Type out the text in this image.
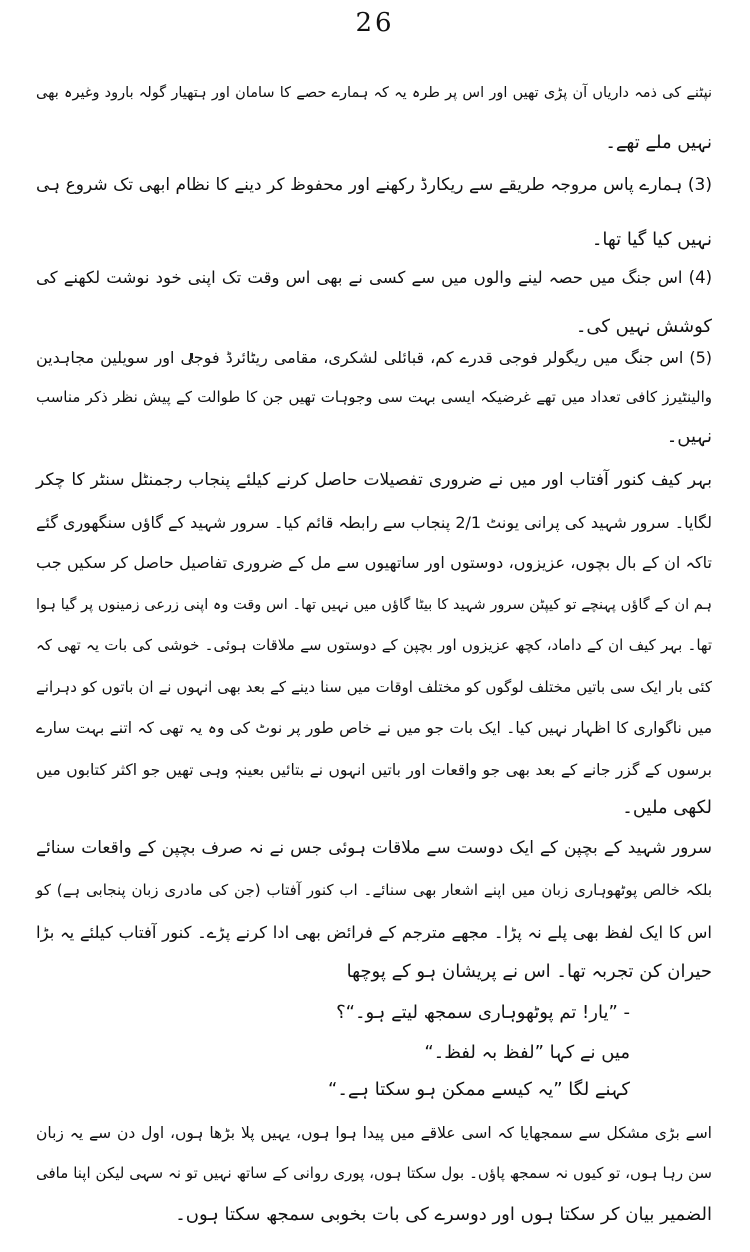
26
نپٹنے کی ذمہ داریاں آن پڑی تھیں اور اس پر طرہ یہ کہ ہمارے حصے کا سامان اور ہتھیار گولہ بارود وغیرہ بھی
نہیں ملے تھے۔
(3) ہمارے پاس مروجہ طریقے سے ریکارڈ رکھنے اور محفوظ کر دینے کا نظام ابھی تک شروع ہی
نہیں کیا گیا تھا۔
(4) اس جنگ میں حصہ لینے والوں میں سے کسی نے بھی اس وقت تک اپنی خود نوشت لکھنے کی
کوشش نہیں کی۔
(5) اس جنگ میں ریگولر فوجی قدرے کم، قبائلی لشکری، مقامی ریٹائرڈ فوجی اور سویلین مجاہدین
والینٹیرز کافی تعداد میں تھے غرضیکہ ایسی بہت سی وجوہات تھیں جن کا طوالت کے پیش نظر ذکر مناسب
نہیں۔
بہر کیف کنور آفتاب اور میں نے ضروری تفصیلات حاصل کرنے کیلئے پنجاب رجمنٹل سنٹر کا چکر
لگایا۔ سرور شہید کی پرانی یونٹ 2/1 پنجاب سے رابطہ قائم کیا۔ سرور شہید کے گاؤں سنگھوری گئے
تاکہ ان کے بال بچوں، عزیزوں، دوستوں اور ساتھیوں سے مل کے ضروری تفاصیل حاصل کر سکیں جب
ہم ان کے گاؤں پہنچے تو کیپٹن سرور شہید کا بیٹا گاؤں میں نہیں تھا۔ اس وقت وہ اپنی زرعی زمینوں پر گیا ہوا
تھا۔ بہر کیف ان کے داماد، کچھ عزیزوں اور بچپن کے دوستوں سے ملاقات ہوئی۔ خوشی کی بات یہ تھی کہ
کئی بار ایک سی باتیں مختلف لوگوں کو مختلف اوقات میں سنا دینے کے بعد بھی انہوں نے ان باتوں کو دہرانے
میں ناگواری کا اظہار نہیں کیا۔ ایک بات جو میں نے خاص طور پر نوٹ کی وہ یہ تھی کہ اتنے بہت سارے
برسوں کے گزر جانے کے بعد بھی جو واقعات اور باتیں انہوں نے بتائیں بعینہٖ وہی تھیں جو اکثر کتابوں میں
لکھی ملیں۔
سرور شہید کے بچپن کے ایک دوست سے ملاقات ہوئی جس نے نہ صرف بچپن کے واقعات سنائے
بلکہ خالص پوٹھوہاری زبان میں اپنے اشعار بھی سنائے۔ اب کنور آفتاب (جن کی مادری زبان پنجابی ہے) کو
اس کا ایک لفظ بھی پلے نہ پڑا۔ مجھے مترجم کے فرائض بھی ادا کرنے پڑے۔ کنور آفتاب کیلئے یہ بڑا
حیران کن تجربہ تھا۔ اس نے پریشان ہو کے پوچھا
- ”یار! تم پوٹھوہاری سمجھ لیتے ہو۔“؟
میں نے کہا ”لفظ بہ لفظ۔“
کہنے لگا ”یہ کیسے ممکن ہو سکتا ہے۔“
اسے بڑی مشکل سے سمجھایا کہ اسی علاقے میں پیدا ہوا ہوں، یہیں پلا بڑھا ہوں، اول دن سے یہ زبان
سن رہا ہوں، تو کیوں نہ سمجھ پاؤں۔ بول سکتا ہوں، پوری روانی کے ساتھ نہیں تو نہ سہی لیکن اپنا مافی
الضمیر بیان کر سکتا ہوں اور دوسرے کی بات بخوبی سمجھ سکتا ہوں۔
